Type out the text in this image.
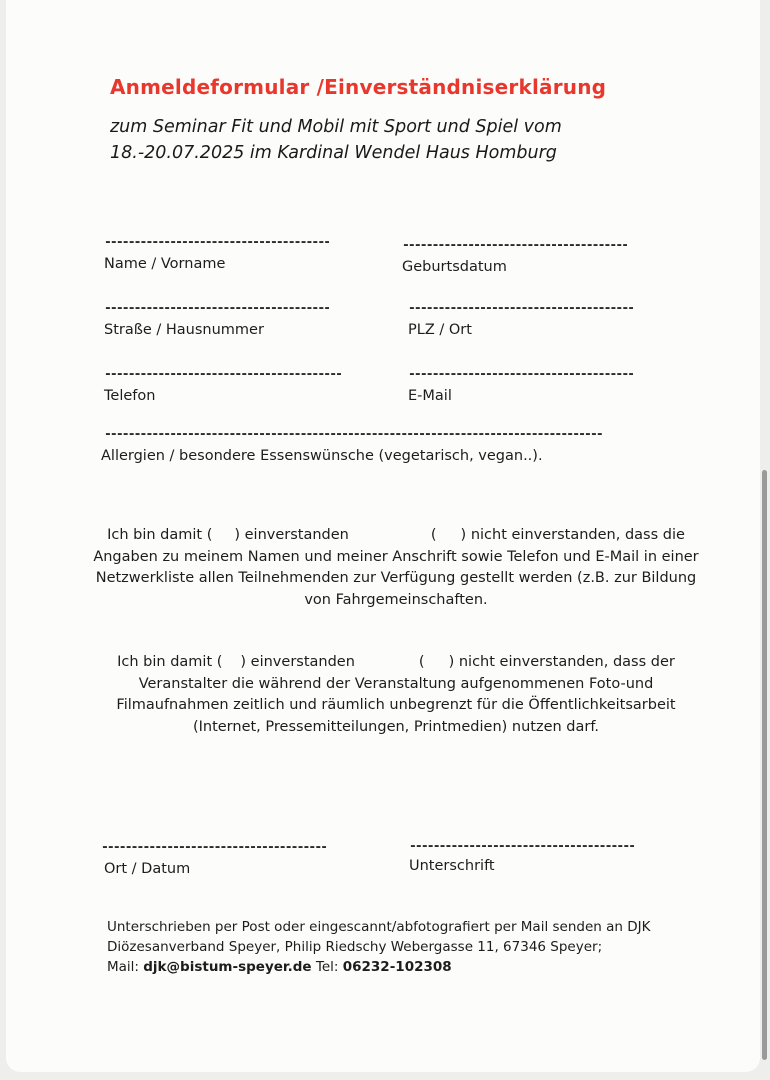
Anmeldeformular /Einverständniserklärung
zum Seminar Fit und Mobil mit Sport und Spiel vom
18.-20.07.2025 im Kardinal Wendel Haus Homburg
--------------------------------------
Name / Vorname
--------------------------------------
Geburtsdatum
--------------------------------------
Straße / Hausnummer
--------------------------------------
PLZ / Ort
----------------------------------------
Telefon
--------------------------------------
E-Mail
------------------------------------------------------------------------------------
Allergien / besondere Essenswünsche (vegetarisch, vegan..).
Ich bin damit ( ) einverstanden	( ) nicht einverstanden, dass die Angaben zu meinem Namen und meiner Anschrift sowie Telefon und E-Mail in einer Netzwerkliste allen Teilnehmenden zur Verfügung gestellt werden (z.B. zur Bildung von Fahrgemeinschaften.
Ich bin damit ( ) einverstanden	( ) nicht einverstanden, dass der Veranstalter die während der Veranstaltung aufgenommenen Foto-und Filmaufnahmen zeitlich und räumlich unbegrenzt für die Öffentlichkeitsarbeit (Internet, Pressemitteilungen, Printmedien) nutzen darf.
--------------------------------------
Ort / Datum
--------------------------------------
Unterschrift
Unterschrieben per Post oder eingescannt/abfotografiert per Mail senden an DJK Diözesanverband Speyer, Philip Riedschy Webergasse 11, 67346 Speyer;
Mail: djk@bistum-speyer.de Tel: 06232-102308
